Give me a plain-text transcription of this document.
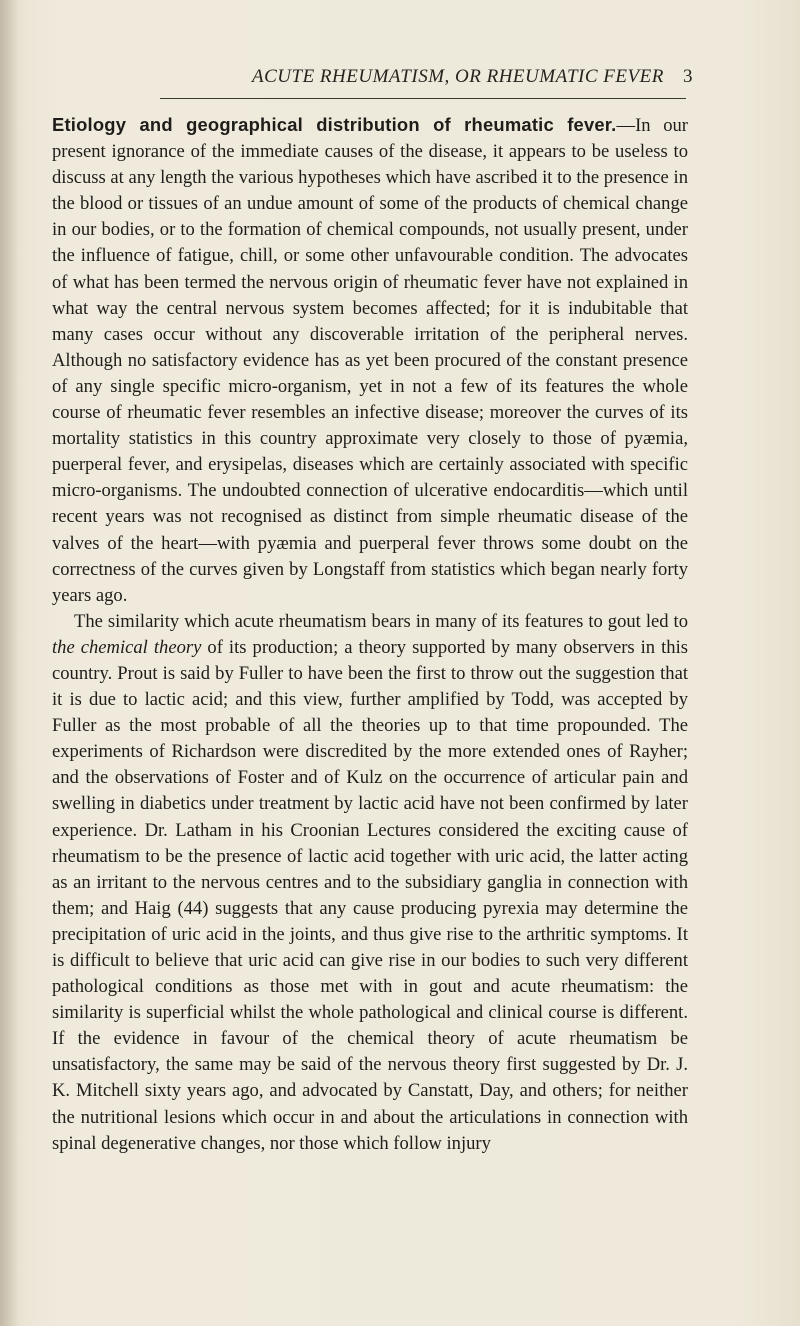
ACUTE RHEUMATISM, OR RHEUMATIC FEVER 3

Etiology and geographical distribution of rheumatic fever.—In our present ignorance of the immediate causes of the disease, it appears to be useless to discuss at any length the various hypotheses which have ascribed it to the presence in the blood or tissues of an undue amount of some of the products of chemical change in our bodies, or to the formation of chemical compounds, not usually present, under the influence of fatigue, chill, or some other unfavourable condition. The advocates of what has been termed the nervous origin of rheumatic fever have not explained in what way the central nervous system becomes affected; for it is indubitable that many cases occur without any discoverable irritation of the peripheral nerves. Although no satisfactory evidence has as yet been procured of the constant presence of any single specific micro-organism, yet in not a few of its features the whole course of rheumatic fever resembles an infective disease; moreover the curves of its mortality statistics in this country approximate very closely to those of pyæmia, puerperal fever, and erysipelas, diseases which are certainly associated with specific micro-organisms. The undoubted connection of ulcerative endocarditis—which until recent years was not recognised as distinct from simple rheumatic disease of the valves of the heart—with pyæmia and puerperal fever throws some doubt on the correctness of the curves given by Longstaff from statistics which began nearly forty years ago.

The similarity which acute rheumatism bears in many of its features to gout led to the chemical theory of its production; a theory supported by many observers in this country. Prout is said by Fuller to have been the first to throw out the suggestion that it is due to lactic acid; and this view, further amplified by Todd, was accepted by Fuller as the most probable of all the theories up to that time propounded. The experiments of Richardson were discredited by the more extended ones of Rayher; and the observations of Foster and of Kulz on the occurrence of articular pain and swelling in diabetics under treatment by lactic acid have not been confirmed by later experience. Dr. Latham in his Croonian Lectures considered the exciting cause of rheumatism to be the presence of lactic acid together with uric acid, the latter acting as an irritant to the nervous centres and to the subsidiary ganglia in connection with them; and Haig (44) suggests that any cause producing pyrexia may determine the precipitation of uric acid in the joints, and thus give rise to the arthritic symptoms. It is difficult to believe that uric acid can give rise in our bodies to such very different pathological conditions as those met with in gout and acute rheumatism: the similarity is superficial whilst the whole pathological and clinical course is different. If the evidence in favour of the chemical theory of acute rheumatism be unsatisfactory, the same may be said of the nervous theory first suggested by Dr. J. K. Mitchell sixty years ago, and advocated by Canstatt, Day, and others; for neither the nutritional lesions which occur in and about the articulations in connection with spinal degenerative changes, nor those which follow injury
